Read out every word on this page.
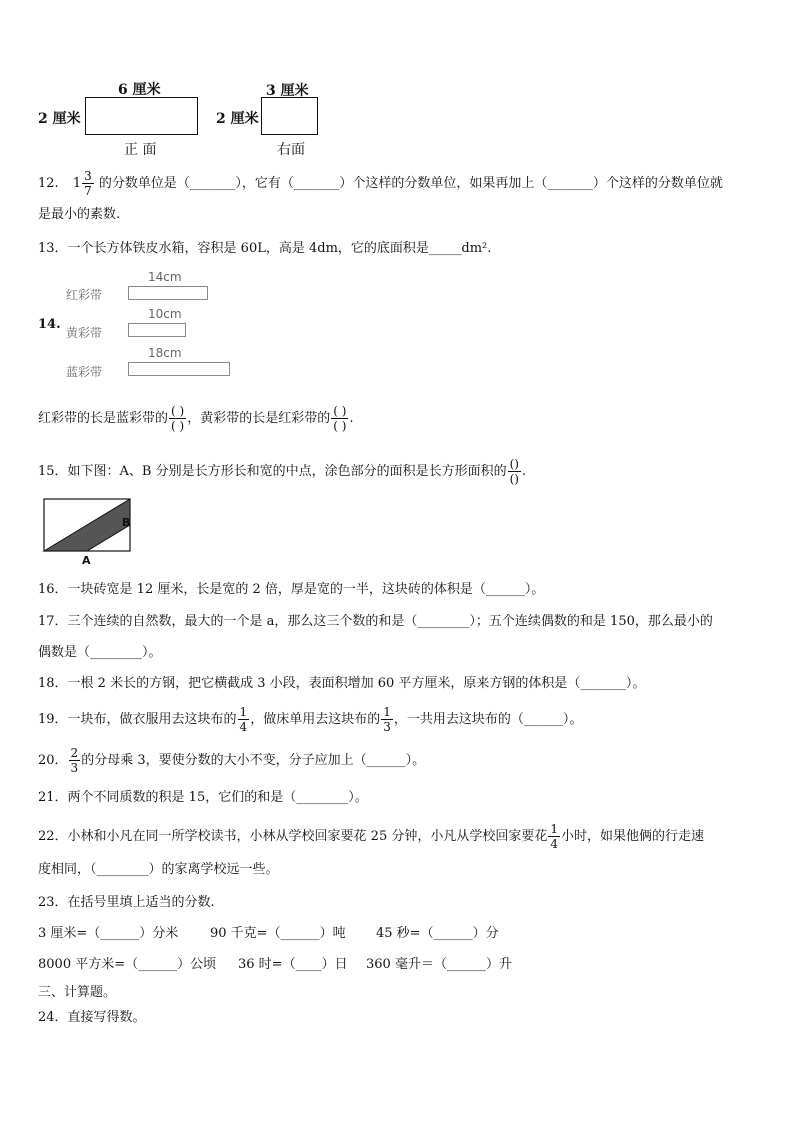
6 厘米
2 厘米
正 面
3 厘米
2 厘米
右面
12. $1 \frac{3}{7}$ 的分数单位是（_______），它有（_______）个这样的分数单位，如果再加上（_______）个这样的分数单位就
是最小的素数.
13．一个长方体铁皮水箱，容积是 60L，高是 4dm，它的底面积是_____dm².
14cm
红彩带
14.
10cm
黄彩带
18cm
蓝彩带
红彩带的长是蓝彩带的 $\frac{( )}{( )}$ ，黄彩带的长是红彩带的 $\frac{( )}{( )}$ .
15．如下图：A、B 分别是长方形长和宽的中点，涂色部分的面积是长方形面积的 $\frac{()}{()}$ .
B
A
16．一块砖宽是 12 厘米，长是宽的 2 倍，厚是宽的一半，这块砖的体积是（______）。
17．三个连续的自然数，最大的一个是 a，那么这三个数的和是（________）；五个连续偶数的和是 150，那么最小的
偶数是（________）。
18．一根 2 米长的方钢，把它横截成 3 小段，表面积增加 60 平方厘米，原来方钢的体积是（_______）。
19．一块布，做衣服用去这块布的 $\frac{1}{4}$ ，做床单用去这块布的 $\frac{1}{3}$ ，一共用去这块布的（______）。
20． $\frac{2}{3}$ 的分母乘 3，要使分数的大小不变，分子应加上（______）。
21．两个不同质数的积是 15，它们的和是（________）。
22．小林和小凡在同一所学校读书，小林从学校回家要花 25 分钟，小凡从学校回家要花 $\frac{1}{4}$ 小时，如果他俩的行走速
度相同，（________）的家离学校远一些。
23．在括号里填上适当的分数.
3 厘米=（______）分米 90 千克=（______）吨 45 秒=（______）分
8000 平方米=（______）公顷 36 时=（____）日 360 毫升＝（______）升
三、计算题。
24．直接写得数。
